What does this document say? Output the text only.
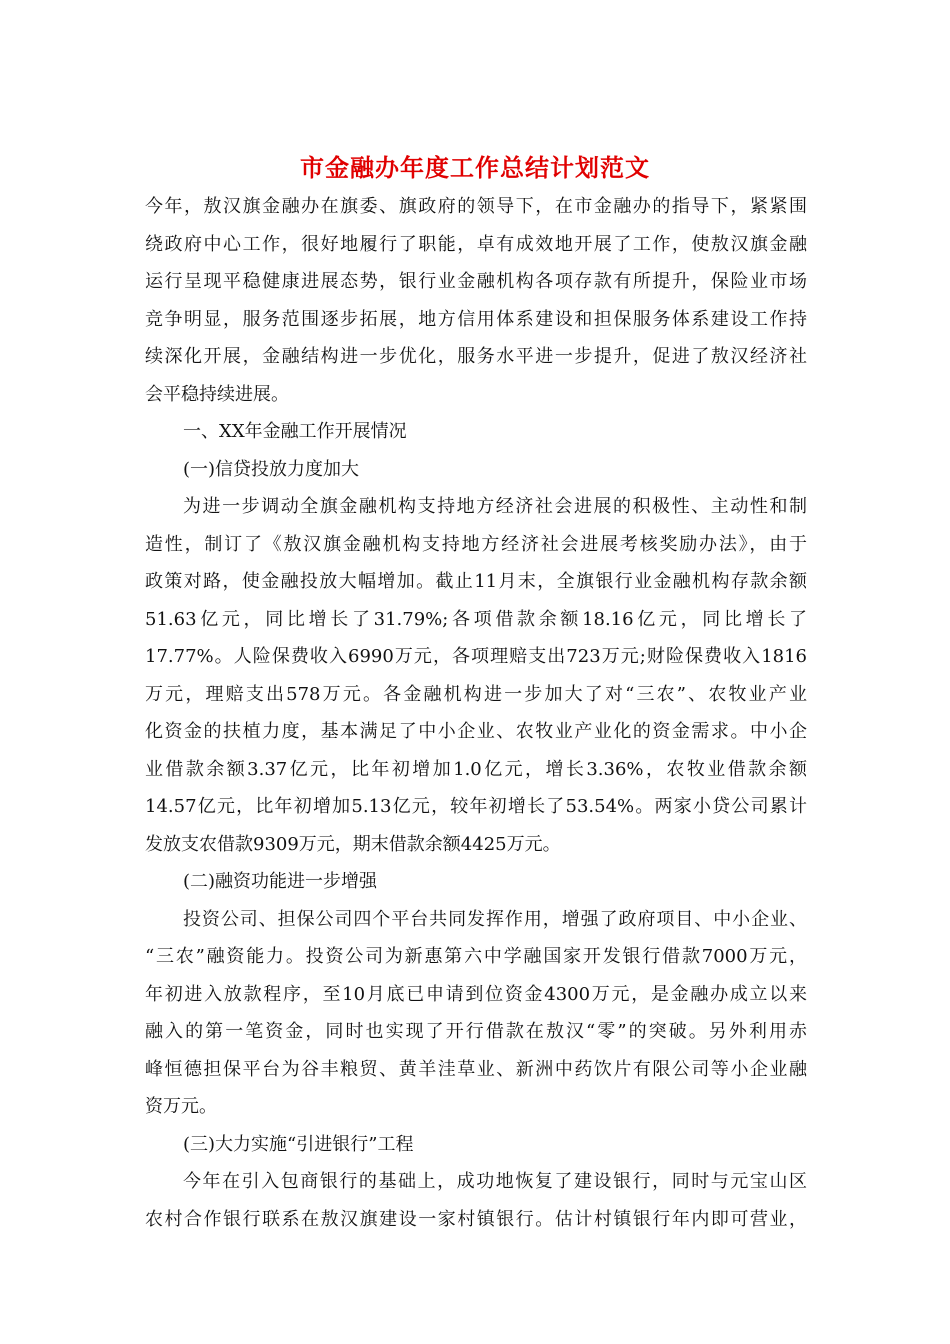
市金融办年度工作总结计划范文
今年，敖汉旗金融办在旗委、旗政府的领导下，在市金融办的指导下，紧紧围
绕政府中心工作，很好地履行了职能，卓有成效地开展了工作，使敖汉旗金融
运行呈现平稳健康进展态势，银行业金融机构各项存款有所提升，保险业市场
竞争明显，服务范围逐步拓展，地方信用体系建设和担保服务体系建设工作持
续深化开展，金融结构进一步优化，服务水平进一步提升，促进了敖汉经济社
会平稳持续进展。
一、XX年金融工作开展情况
(一)信贷投放力度加大
为进一步调动全旗金融机构支持地方经济社会进展的积极性、主动性和制
造性，制订了《敖汉旗金融机构支持地方经济社会进展考核奖励办法》，由于
政策对路，使金融投放大幅增加。截止11月末，全旗银行业金融机构存款余额
51.63亿元，同比增长了31.79%;各项借款余额18.16亿元，同比增长了
17.77%。人险保费收入6990万元，各项理赔支出723万元;财险保费收入1816
万元，理赔支出578万元。各金融机构进一步加大了对“三农”、农牧业产业
化资金的扶植力度，基本满足了中小企业、农牧业产业化的资金需求。中小企
业借款余额3.37亿元，比年初增加1.0亿元，增长3.36%，农牧业借款余额
14.57亿元，比年初增加5.13亿元，较年初增长了53.54%。两家小贷公司累计
发放支农借款9309万元，期末借款余额4425万元。
(二)融资功能进一步增强
投资公司、担保公司四个平台共同发挥作用，增强了政府项目、中小企业、
“三农”融资能力。投资公司为新惠第六中学融国家开发银行借款7000万元，
年初进入放款程序，至10月底已申请到位资金4300万元，是金融办成立以来
融入的第一笔资金，同时也实现了开行借款在敖汉“零”的突破。另外利用赤
峰恒德担保平台为谷丰粮贸、黄羊洼草业、新洲中药饮片有限公司等小企业融
资万元。
(三)大力实施“引进银行”工程
今年在引入包商银行的基础上，成功地恢复了建设银行，同时与元宝山区
农村合作银行联系在敖汉旗建设一家村镇银行。估计村镇银行年内即可营业，
